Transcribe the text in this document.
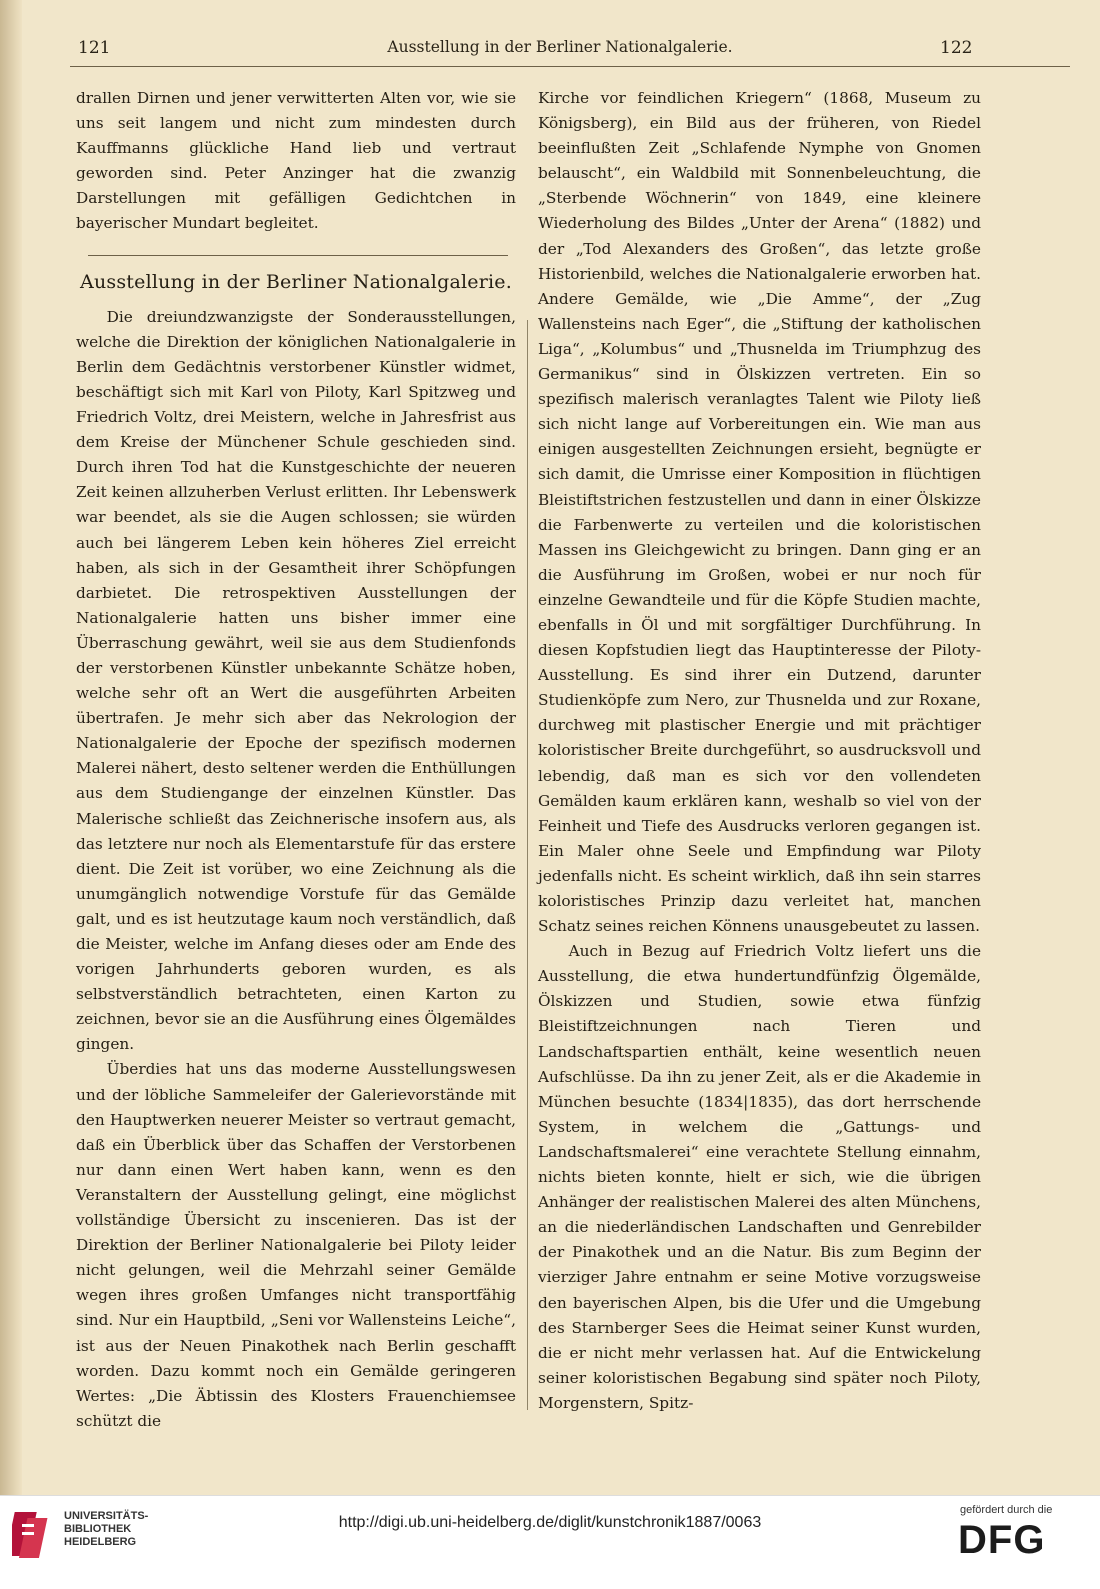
121	Ausstellung in der Berliner Nationalgalerie.	122

drallen Dirnen und jener verwitterten Alten vor, wie sie uns seit langem und nicht zum mindesten durch Kauffmanns glückliche Hand lieb und vertraut geworden sind. Peter Anzinger hat die zwanzig Darstellungen mit gefälligen Gedichtchen in bayerischer Mundart begleitet.

Ausstellung in der Berliner Nationalgalerie.

Die dreiundzwanzigste der Sonderausstellungen, welche die Direktion der königlichen Nationalgalerie in Berlin dem Gedächtnis verstorbener Künstler widmet, beschäftigt sich mit Karl von Piloty, Karl Spitzweg und Friedrich Voltz, drei Meistern, welche in Jahresfrist aus dem Kreise der Münchener Schule geschieden sind. Durch ihren Tod hat die Kunstgeschichte der neueren Zeit keinen allzuherben Verlust erlitten. Ihr Lebenswerk war beendet, als sie die Augen schlossen; sie würden auch bei längerem Leben kein höheres Ziel erreicht haben, als sich in der Gesamtheit ihrer Schöpfungen darbietet. Die retrospektiven Ausstellungen der Nationalgalerie hatten uns bisher immer eine Überraschung gewährt, weil sie aus dem Studienfonds der verstorbenen Künstler unbekannte Schätze hoben, welche sehr oft an Wert die ausgeführten Arbeiten übertrafen. Je mehr sich aber das Nekrologion der Nationalgalerie der Epoche der spezifisch modernen Malerei nähert, desto seltener werden die Enthüllungen aus dem Studiengange der einzelnen Künstler. Das Malerische schließt das Zeichnerische insofern aus, als das letztere nur noch als Elementarstufe für das erstere dient. Die Zeit ist vorüber, wo eine Zeichnung als die unumgänglich notwendige Vorstufe für das Gemälde galt, und es ist heutzutage kaum noch verständlich, daß die Meister, welche im Anfang dieses oder am Ende des vorigen Jahrhunderts geboren wurden, es als selbstverständlich betrachteten, einen Karton zu zeichnen, bevor sie an die Ausführung eines Ölgemäldes gingen.

Überdies hat uns das moderne Ausstellungswesen und der löbliche Sammeleifer der Galerievorstände mit den Hauptwerken neuerer Meister so vertraut gemacht, daß ein Überblick über das Schaffen der Verstorbenen nur dann einen Wert haben kann, wenn es den Veranstaltern der Ausstellung gelingt, eine möglichst vollständige Übersicht zu inscenieren. Das ist der Direktion der Berliner Nationalgalerie bei Piloty leider nicht gelungen, weil die Mehrzahl seiner Gemälde wegen ihres großen Umfanges nicht transportfähig sind. Nur ein Hauptbild, „Seni vor Wallensteins Leiche“, ist aus der Neuen Pinakothek nach Berlin geschafft worden. Dazu kommt noch ein Gemälde geringeren Wertes: „Die Äbtissin des Klosters Frauenchiemsee schützt die

Kirche vor feindlichen Kriegern“ (1868, Museum zu Königsberg), ein Bild aus der früheren, von Riedel beeinflußten Zeit „Schlafende Nymphe von Gnomen belauscht“, ein Waldbild mit Sonnenbeleuchtung, die „Sterbende Wöchnerin“ von 1849, eine kleinere Wiederholung des Bildes „Unter der Arena“ (1882) und der „Tod Alexanders des Großen“, das letzte große Historienbild, welches die Nationalgalerie erworben hat. Andere Gemälde, wie „Die Amme“, der „Zug Wallensteins nach Eger“, die „Stiftung der katholischen Liga“, „Kolumbus“ und „Thusnelda im Triumphzug des Germanikus“ sind in Ölskizzen vertreten. Ein so spezifisch malerisch veranlagtes Talent wie Piloty ließ sich nicht lange auf Vorbereitungen ein. Wie man aus einigen ausgestellten Zeichnungen ersieht, begnügte er sich damit, die Umrisse einer Komposition in flüchtigen Bleistiftstrichen festzustellen und dann in einer Ölskizze die Farbenwerte zu verteilen und die koloristischen Massen ins Gleichgewicht zu bringen. Dann ging er an die Ausführung im Großen, wobei er nur noch für einzelne Gewandteile und für die Köpfe Studien machte, ebenfalls in Öl und mit sorgfältiger Durchführung. In diesen Kopfstudien liegt das Hauptinteresse der Piloty-Ausstellung. Es sind ihrer ein Dutzend, darunter Studienköpfe zum Nero, zur Thusnelda und zur Roxane, durchweg mit plastischer Energie und mit prächtiger koloristischer Breite durchgeführt, so ausdrucksvoll und lebendig, daß man es sich vor den vollendeten Gemälden kaum erklären kann, weshalb so viel von der Feinheit und Tiefe des Ausdrucks verloren gegangen ist. Ein Maler ohne Seele und Empfindung war Piloty jedenfalls nicht. Es scheint wirklich, daß ihn sein starres koloristisches Prinzip dazu verleitet hat, manchen Schatz seines reichen Könnens unausgebeutet zu lassen.

Auch in Bezug auf Friedrich Voltz liefert uns die Ausstellung, die etwa hundertundfünfzig Ölgemälde, Ölskizzen und Studien, sowie etwa fünfzig Bleistiftzeichnungen nach Tieren und Landschaftspartien enthält, keine wesentlich neuen Aufschlüsse. Da ihn zu jener Zeit, als er die Akademie in München besuchte (1834|1835), das dort herrschende System, in welchem die „Gattungs- und Landschaftsmalerei“ eine verachtete Stellung einnahm, nichts bieten konnte, hielt er sich, wie die übrigen Anhänger der realistischen Malerei des alten Münchens, an die niederländischen Landschaften und Genrebilder der Pinakothek und an die Natur. Bis zum Beginn der vierziger Jahre entnahm er seine Motive vorzugsweise den bayerischen Alpen, bis die Ufer und die Umgebung des Starnberger Sees die Heimat seiner Kunst wurden, die er nicht mehr verlassen hat. Auf die Entwickelung seiner koloristischen Begabung sind später noch Piloty, Morgenstern, Spitz-

UNIVERSITÄTS-
BIBLIOTHEK
HEIDELBERG
http://digi.ub.uni-heidelberg.de/diglit/kunstchronik1887/0063
gefördert durch die
DFG
